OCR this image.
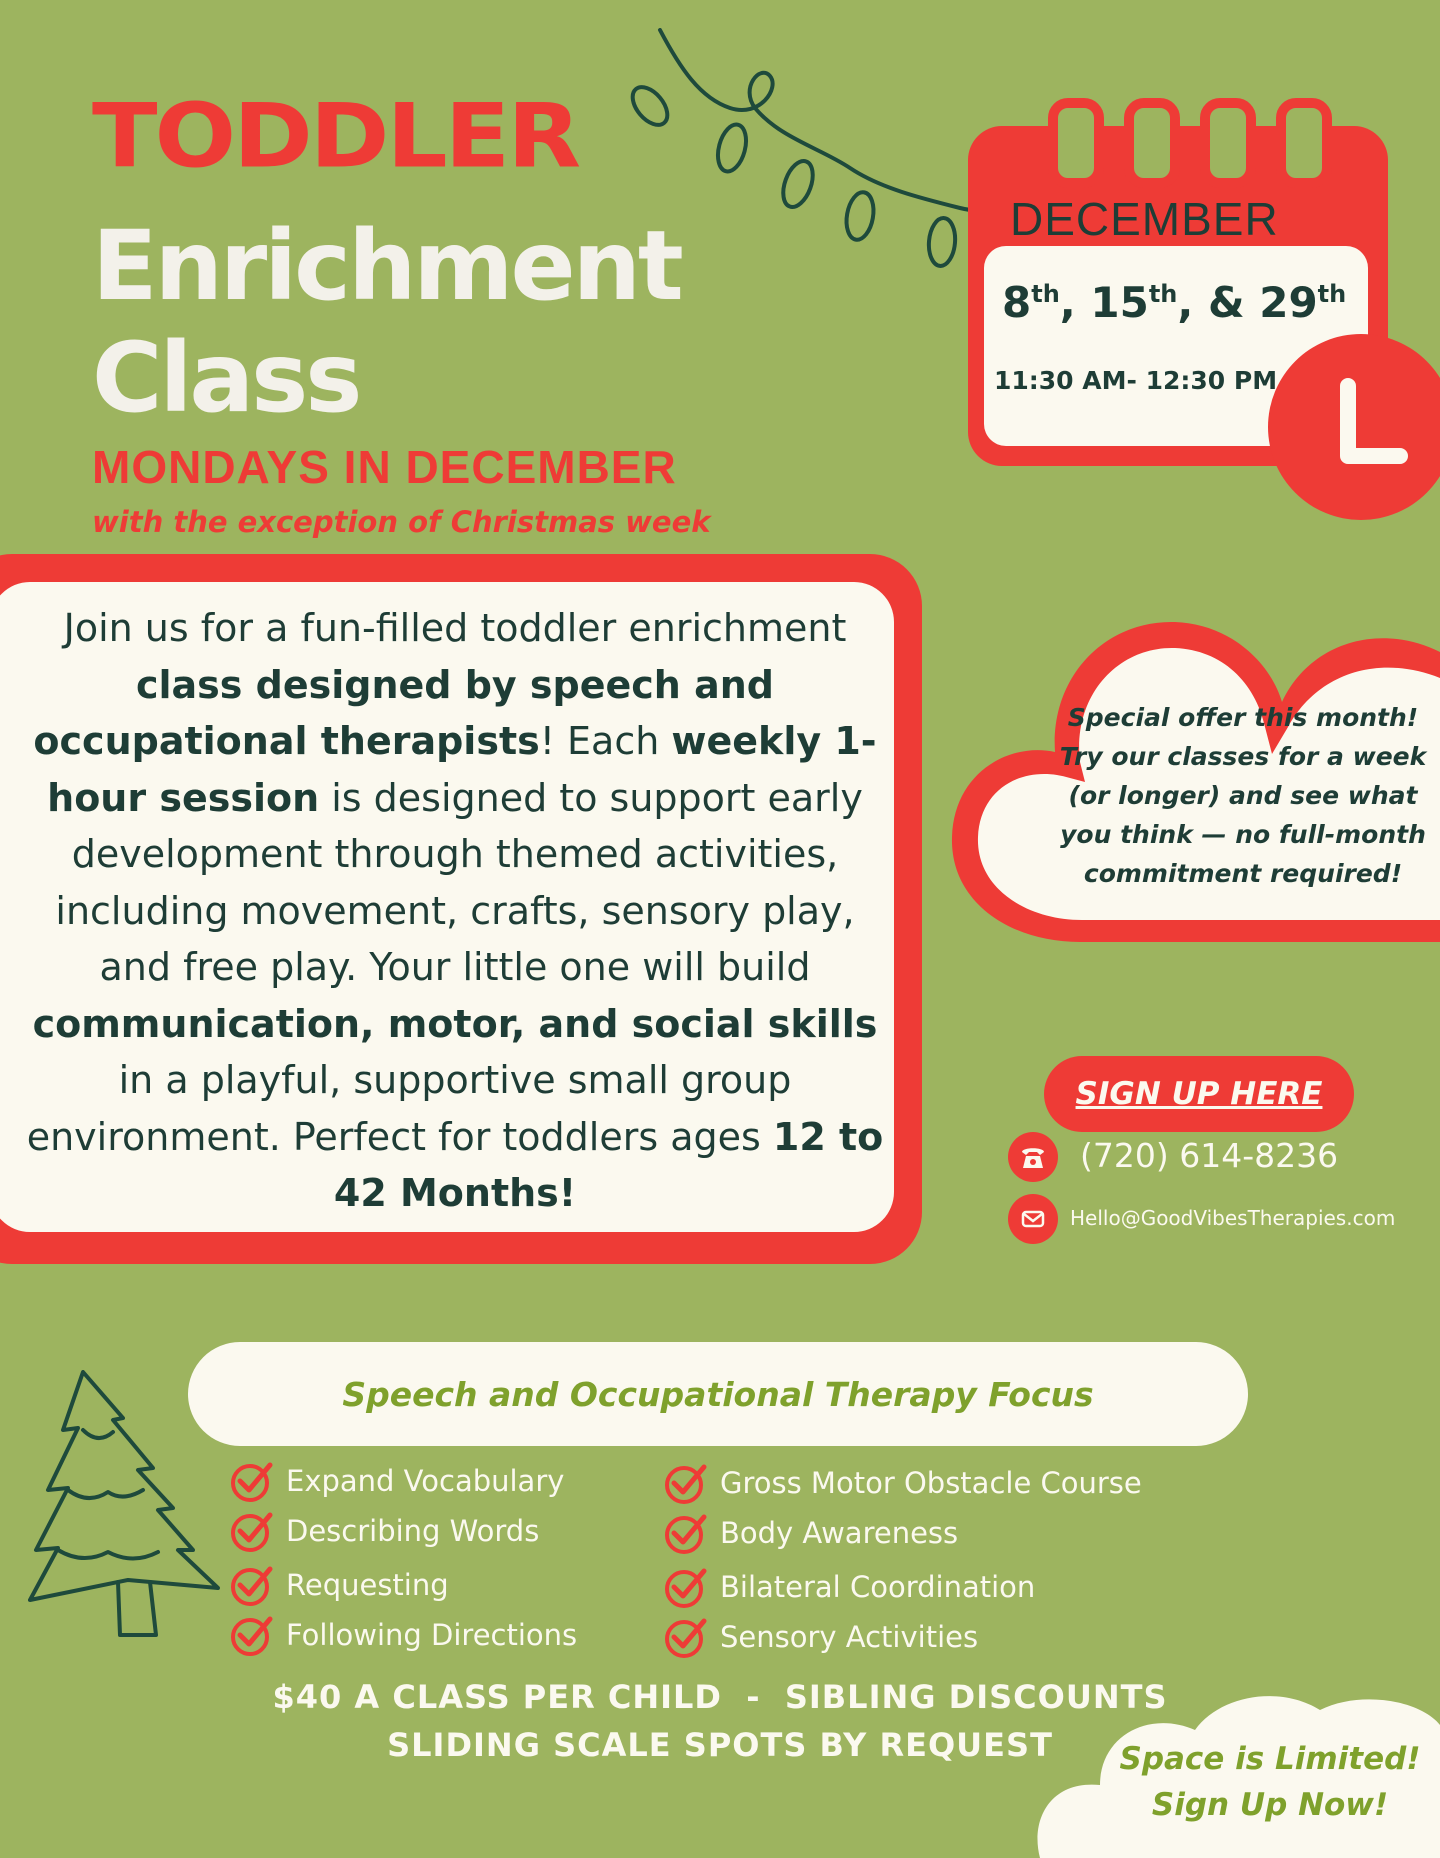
TODDLER
Enrichment
Class
MONDAYS IN DECEMBER
with the exception of Christmas week
DECEMBER
8th, 15th, & 29th
11:30 AM- 12:30 PM
Join us for a fun-filled toddler enrichment class designed by speech and occupational therapists! Each weekly 1-hour session is designed to support early development through themed activities, including movement, crafts, sensory play, and free play. Your little one will build communication, motor, and social skills in a playful, supportive small group environment. Perfect for toddlers ages 12 to 42 Months!
Special offer this month! Try our classes for a week (or longer) and see what you think — no full-month commitment required!
SIGN UP HERE
(720) 614-8236
Hello@GoodVibesTherapies.com
Speech and Occupational Therapy Focus
Expand Vocabulary
Describing Words
Requesting
Following Directions
Gross Motor Obstacle Course
Body Awareness
Bilateral Coordination
Sensory Activities
$40 A CLASS PER CHILD  -  SIBLING DISCOUNTS
SLIDING SCALE SPOTS BY REQUEST	Space is Limited!
Sign Up Now!
